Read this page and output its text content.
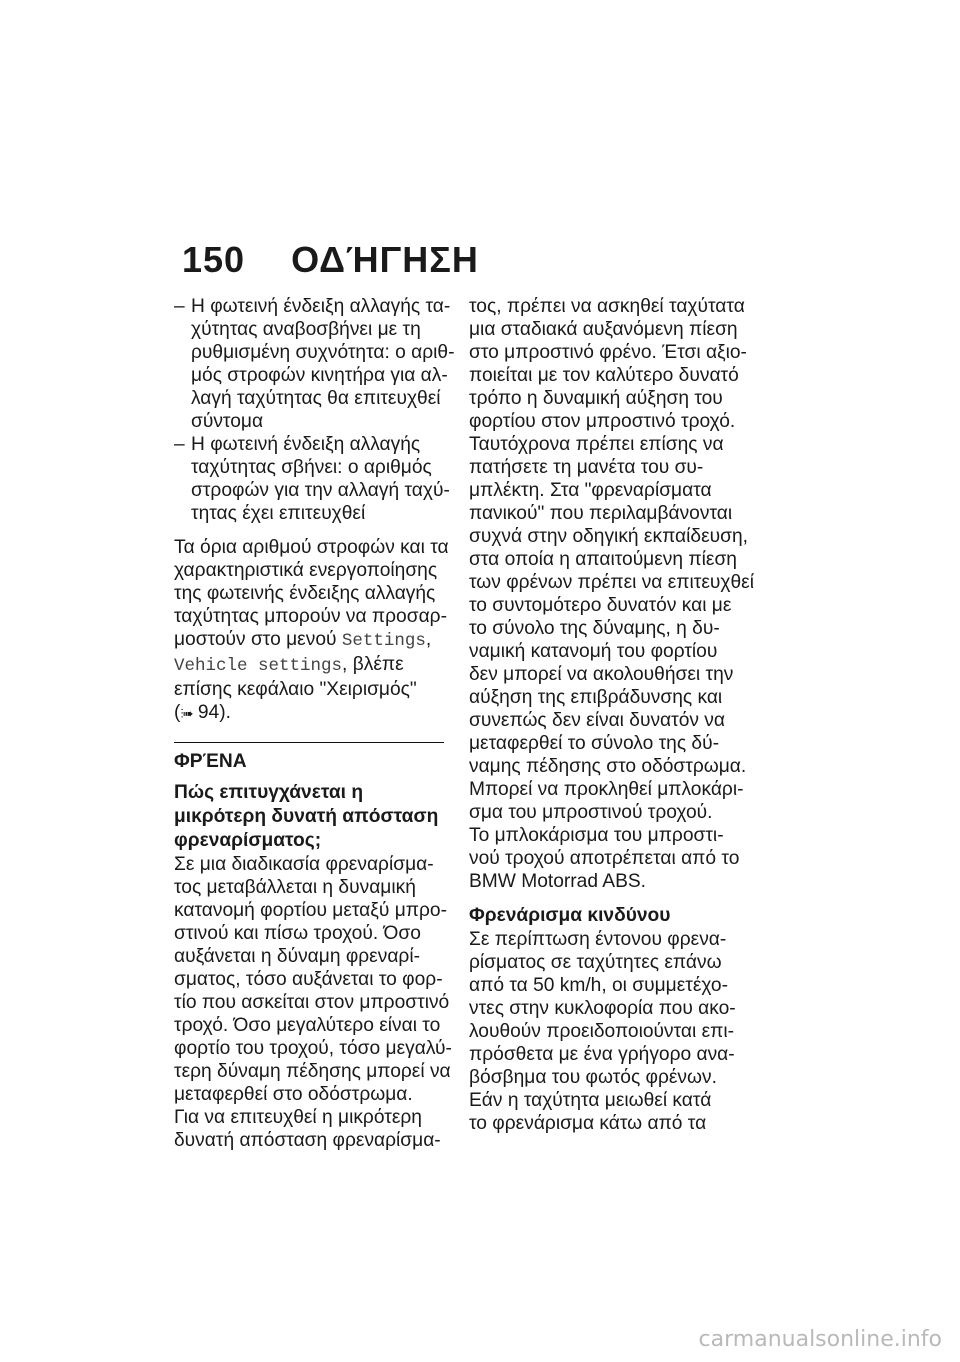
150 ΟΔΉΓΗΣΗ
– Η φωτεινή ένδειξη αλλαγής τα-
χύτητας αναβοσβήνει με τη
ρυθμισμένη συχνότητα: ο αριθ-
μός στροφών κινητήρα για αλ-
λαγή ταχύτητας θα επιτευχθεί
σύντομα
– Η φωτεινή ένδειξη αλλαγής
ταχύτητας σβήνει: ο αριθμός
στροφών για την αλλαγή ταχύ-
τητας έχει επιτευχθεί
Τα όρια αριθμού στροφών και τα
χαρακτηριστικά ενεργοποίησης
της φωτεινής ένδειξης αλλαγής
ταχύτητας μπορούν να προσαρ-
μοστούν στο μενού Settings,
Vehicle settings, βλέπε
επίσης κεφάλαιο "Χειρισμός"
(⫶➠ 94).
ΦΡΈΝΑ
Πώς επιτυγχάνεται η
μικρότερη δυνατή απόσταση
φρεναρίσματος;
Σε μια διαδικασία φρεναρίσμα-
τος μεταβάλλεται η δυναμική
κατανομή φορτίου μεταξύ μπρο-
στινού και πίσω τροχού. Όσο
αυξάνεται η δύναμη φρεναρί-
σματος, τόσο αυξάνεται το φορ-
τίο που ασκείται στον μπροστινό
τροχό. Όσο μεγαλύτερο είναι το
φορτίο του τροχού, τόσο μεγαλύ-
τερη δύναμη πέδησης μπορεί να
μεταφερθεί στο οδόστρωμα.
Για να επιτευχθεί η μικρότερη
δυνατή απόσταση φρεναρίσμα-
τος, πρέπει να ασκηθεί ταχύτατα
μια σταδιακά αυξανόμενη πίεση
στο μπροστινό φρένο. Έτσι αξιο-
ποιείται με τον καλύτερο δυνατό
τρόπο η δυναμική αύξηση του
φορτίου στον μπροστινό τροχό.
Ταυτόχρονα πρέπει επίσης να
πατήσετε τη μανέτα του συ-
μπλέκτη. Στα "φρεναρίσματα
πανικού" που περιλαμβάνονται
συχνά στην οδηγική εκπαίδευση,
στα οποία η απαιτούμενη πίεση
των φρένων πρέπει να επιτευχθεί
το συντομότερο δυνατόν και με
το σύνολο της δύναμης, η δυ-
ναμική κατανομή του φορτίου
δεν μπορεί να ακολουθήσει την
αύξηση της επιβράδυνσης και
συνεπώς δεν είναι δυνατόν να
μεταφερθεί το σύνολο της δύ-
ναμης πέδησης στο οδόστρωμα.
Μπορεί να προκληθεί μπλοκάρι-
σμα του μπροστινού τροχού.
Το μπλοκάρισμα του μπροστι-
νού τροχού αποτρέπεται από το
BMW Motorrad ABS.
Φρενάρισμα κινδύνου
Σε περίπτωση έντονου φρενα-
ρίσματος σε ταχύτητες επάνω
από τα 50 km/h, οι συμμετέχο-
ντες στην κυκλοφορία που ακο-
λουθούν προειδοποιούνται επι-
πρόσθετα με ένα γρήγορο ανα-
βόσβημα του φωτός φρένων.
Εάν η ταχύτητα μειωθεί κατά
το φρενάρισμα κάτω από τα
carmanualsonline.info
